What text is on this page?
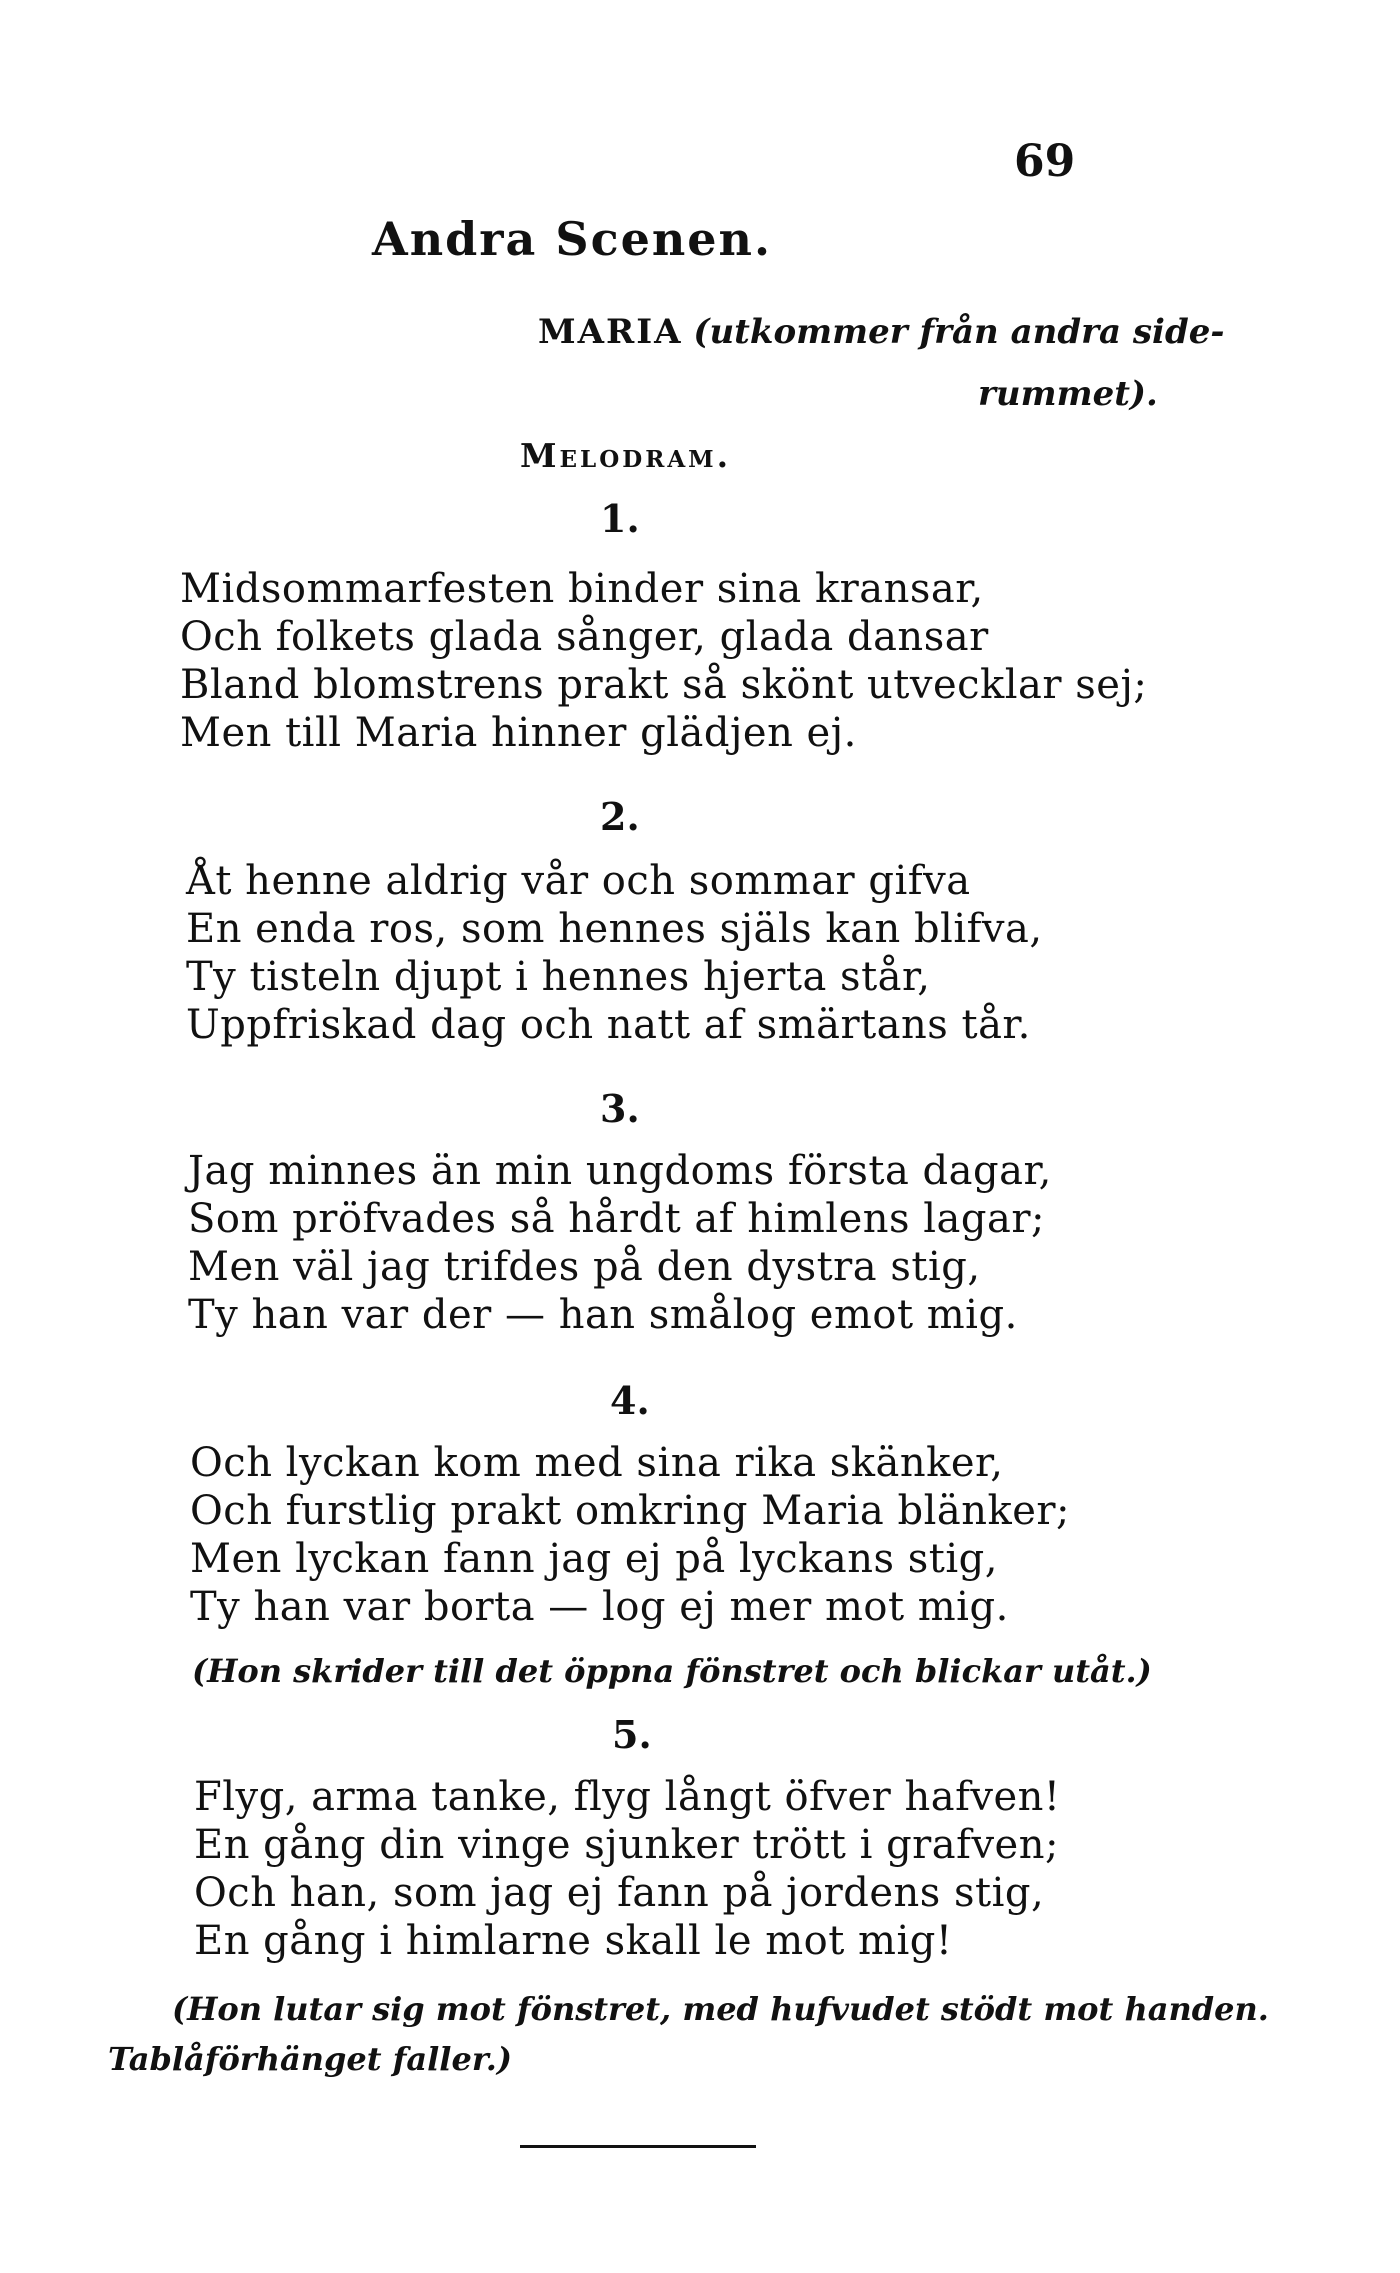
69
Andra Scenen.
MARIA (utkommer från andra side-
rummet).
Melodram.
1.
Midsommarfesten binder sina kransar,
Och folkets glada sånger, glada dansar
Bland blomstrens prakt så skönt utvecklar sej;
Men till Maria hinner glädjen ej.
2.
Åt henne aldrig vår och sommar gifva
En enda ros, som hennes själs kan blifva,
Ty tisteln djupt i hennes hjerta står,
Uppfriskad dag och natt af smärtans tår.
3.
Jag minnes än min ungdoms första dagar,
Som pröfvades så hårdt af himlens lagar;
Men väl jag trifdes på den dystra stig,
Ty han var der — han smålog emot mig.
4.
Och lyckan kom med sina rika skänker,
Och furstlig prakt omkring Maria blänker;
Men lyckan fann jag ej på lyckans stig,
Ty han var borta — log ej mer mot mig.
(Hon skrider till det öppna fönstret och blickar utåt.)
5.
Flyg, arma tanke, flyg långt öfver hafven!
En gång din vinge sjunker trött i grafven;
Och han, som jag ej fann på jordens stig,
En gång i himlarne skall le mot mig!
(Hon lutar sig mot fönstret, med hufvudet stödt mot handen.
Tablåförhänget faller.)
